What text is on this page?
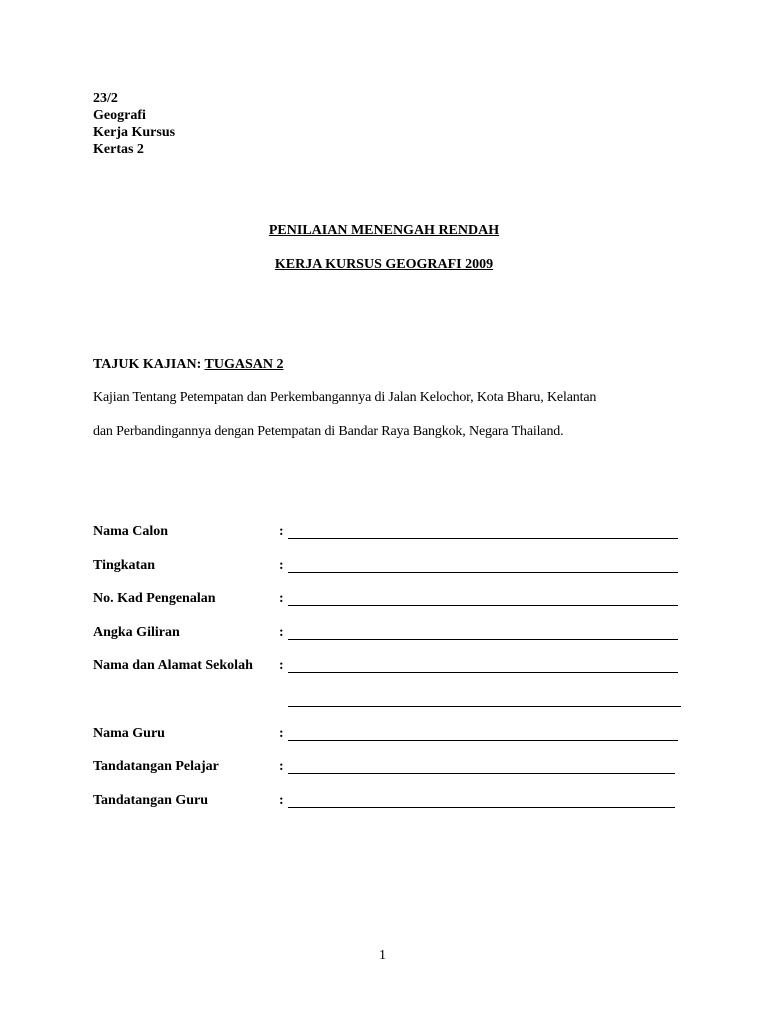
23/2
Geografi
Kerja Kursus
Kertas 2
PENILAIAN MENENGAH RENDAH
KERJA KURSUS GEOGRAFI 2009
TAJUK KAJIAN: TUGASAN 2
Kajian Tentang Petempatan dan Perkembangannya di Jalan Kelochor, Kota Bharu, Kelantan
dan Perbandingannya dengan Petempatan di Bandar Raya Bangkok, Negara Thailand.
Nama Calon	:
Tingkatan	:
No. Kad Pengenalan	:
Angka Giliran	:
Nama dan Alamat Sekolah :
Nama Guru	:
Tandatangan Pelajar	:
Tandatangan Guru	:
1
